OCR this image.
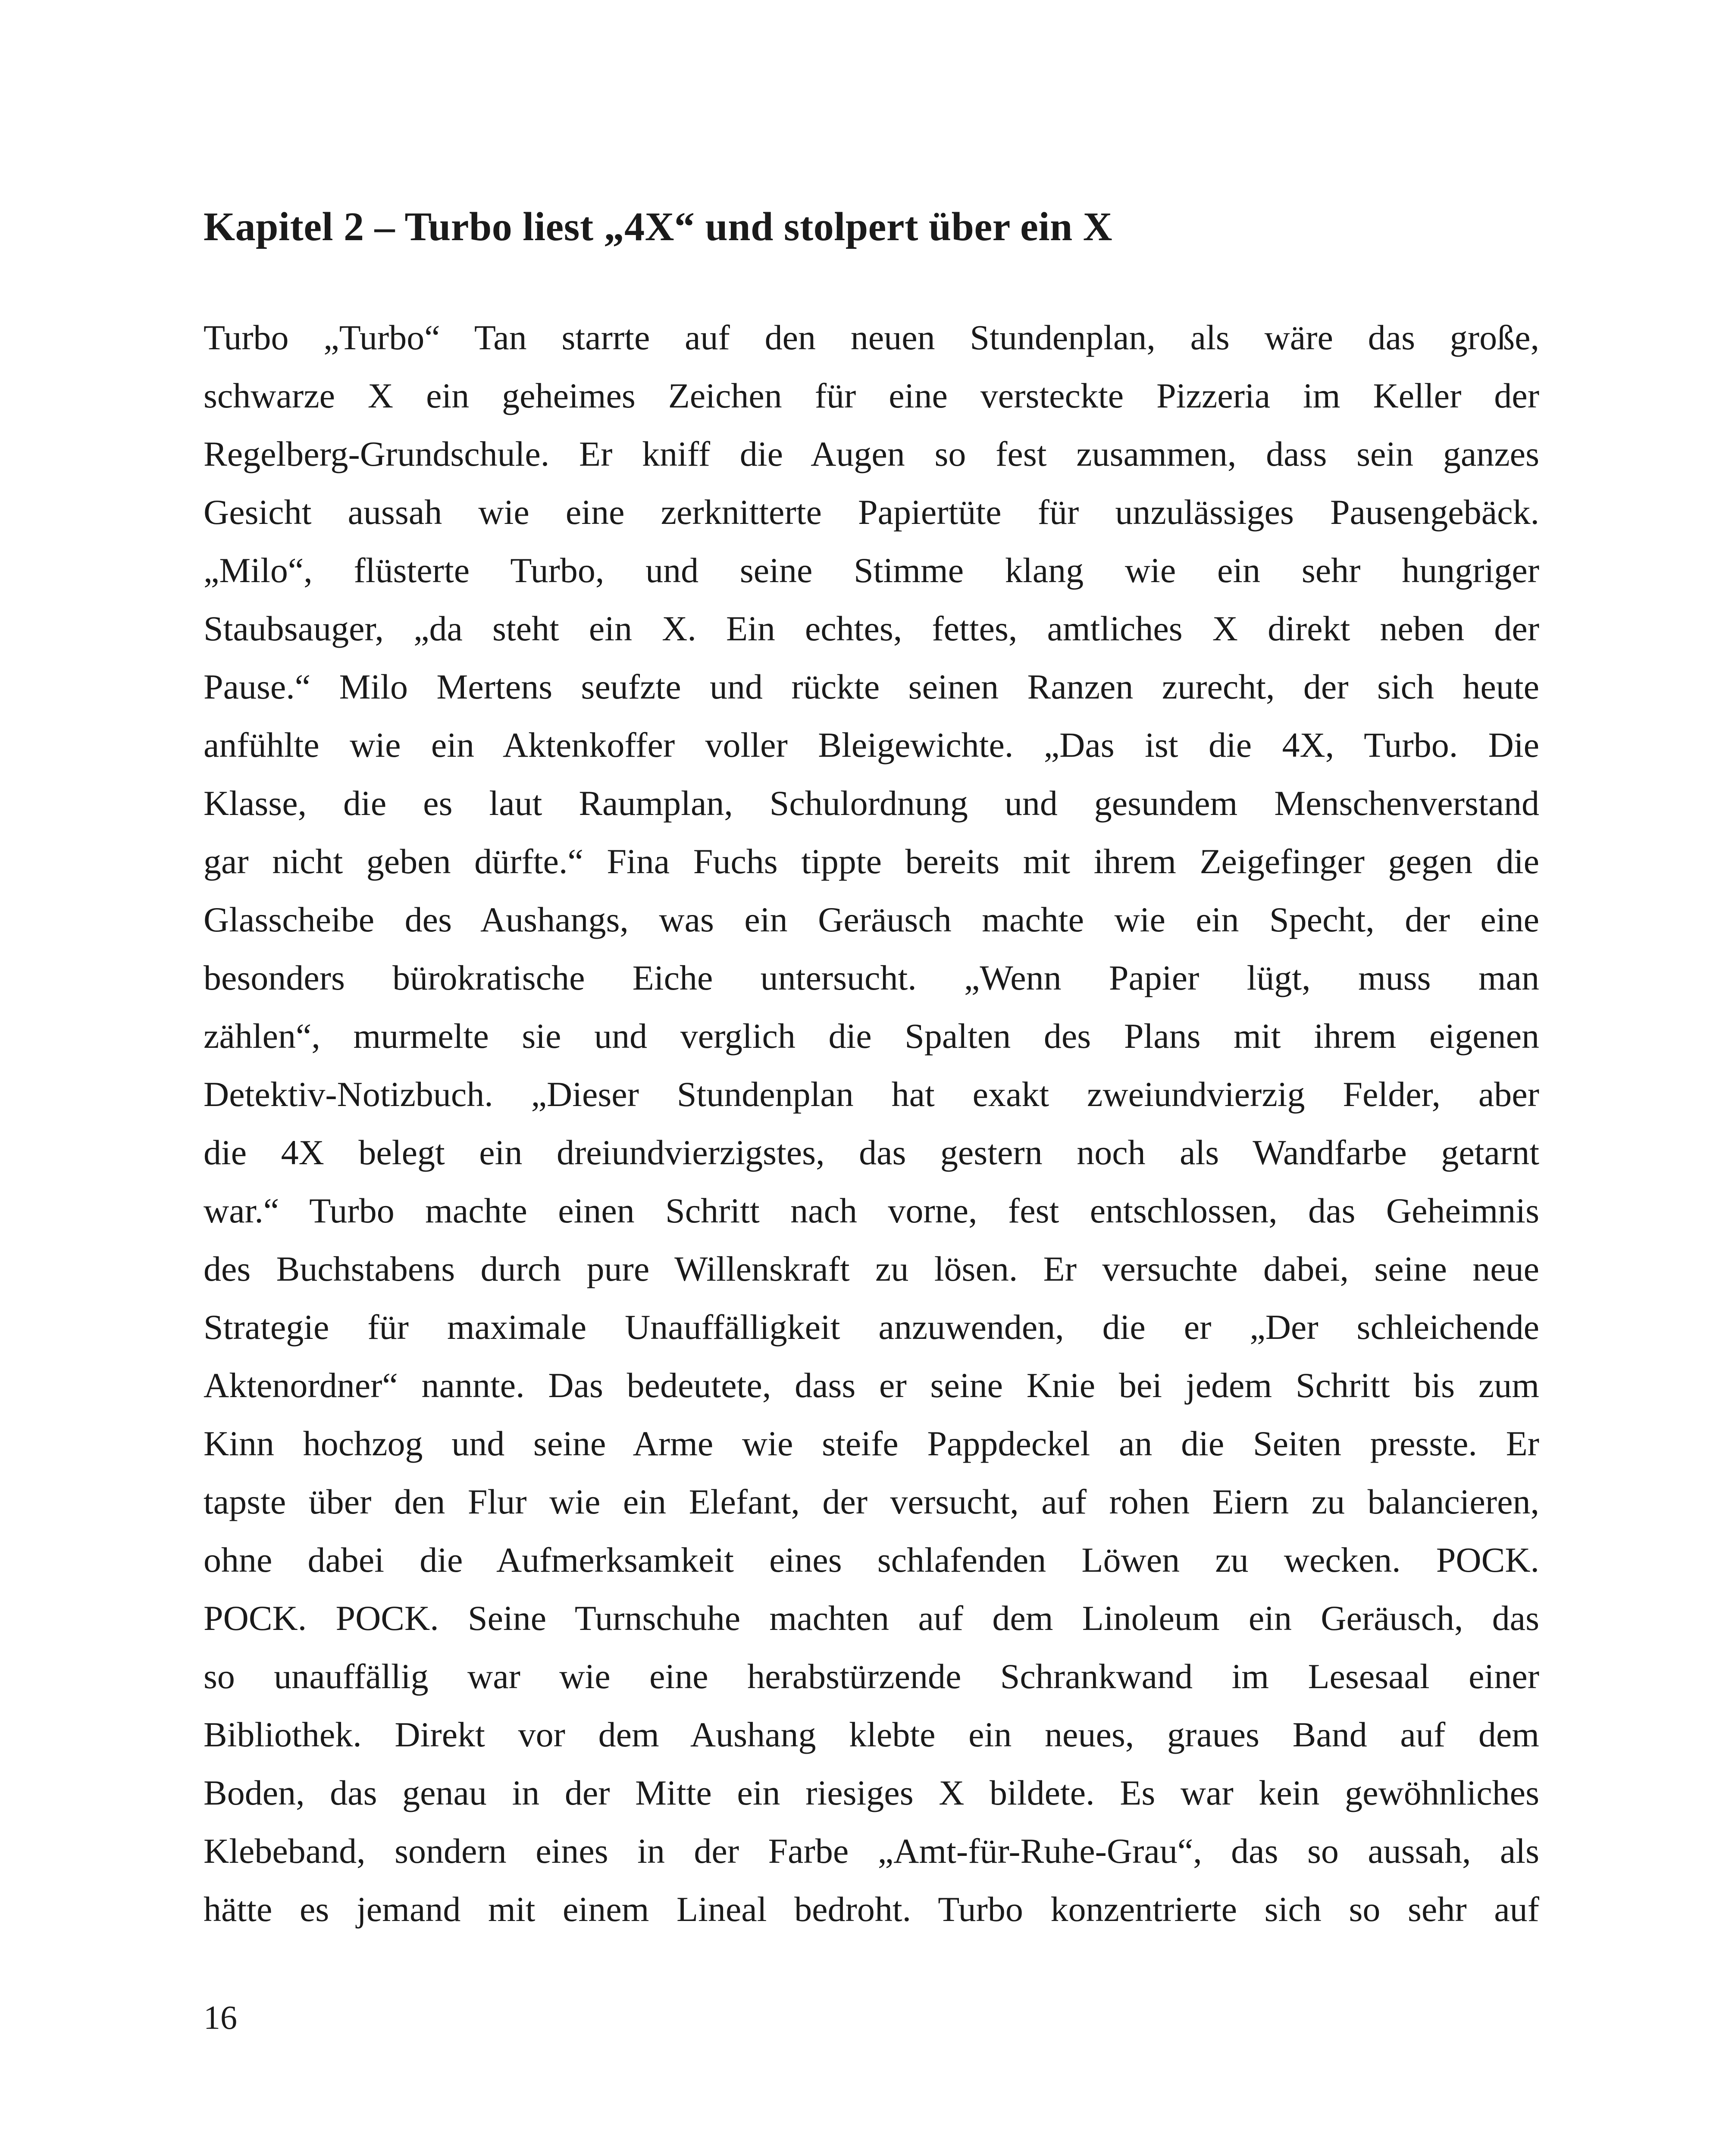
Kapitel 2 – Turbo liest „4X“ und stolpert über ein X
Turbo „Turbo“ Tan starrte auf den neuen Stundenplan, als wäre das große,
schwarze X ein geheimes Zeichen für eine versteckte Pizzeria im Keller der
Regelberg-Grundschule. Er kniff die Augen so fest zusammen, dass sein ganzes
Gesicht aussah wie eine zerknitterte Papiertüte für unzulässiges Pausengebäck.
„Milo“, flüsterte Turbo, und seine Stimme klang wie ein sehr hungriger
Staubsauger, „da steht ein X. Ein echtes, fettes, amtliches X direkt neben der
Pause.“ Milo Mertens seufzte und rückte seinen Ranzen zurecht, der sich heute
anfühlte wie ein Aktenkoffer voller Bleigewichte. „Das ist die 4X, Turbo. Die
Klasse, die es laut Raumplan, Schulordnung und gesundem Menschenverstand
gar nicht geben dürfte.“ Fina Fuchs tippte bereits mit ihrem Zeigefinger gegen die
Glasscheibe des Aushangs, was ein Geräusch machte wie ein Specht, der eine
besonders bürokratische Eiche untersucht. „Wenn Papier lügt, muss man
zählen“, murmelte sie und verglich die Spalten des Plans mit ihrem eigenen
Detektiv-Notizbuch. „Dieser Stundenplan hat exakt zweiundvierzig Felder, aber
die 4X belegt ein dreiundvierzigstes, das gestern noch als Wandfarbe getarnt
war.“ Turbo machte einen Schritt nach vorne, fest entschlossen, das Geheimnis
des Buchstabens durch pure Willenskraft zu lösen. Er versuchte dabei, seine neue
Strategie für maximale Unauffälligkeit anzuwenden, die er „Der schleichende
Aktenordner“ nannte. Das bedeutete, dass er seine Knie bei jedem Schritt bis zum
Kinn hochzog und seine Arme wie steife Pappdeckel an die Seiten presste. Er
tapste über den Flur wie ein Elefant, der versucht, auf rohen Eiern zu balancieren,
ohne dabei die Aufmerksamkeit eines schlafenden Löwen zu wecken. POCK.
POCK. POCK. Seine Turnschuhe machten auf dem Linoleum ein Geräusch, das
so unauffällig war wie eine herabstürzende Schrankwand im Lesesaal einer
Bibliothek. Direkt vor dem Aushang klebte ein neues, graues Band auf dem
Boden, das genau in der Mitte ein riesiges X bildete. Es war kein gewöhnliches
Klebeband, sondern eines in der Farbe „Amt-für-Ruhe-Grau“, das so aussah, als
hätte es jemand mit einem Lineal bedroht. Turbo konzentrierte sich so sehr auf
16
